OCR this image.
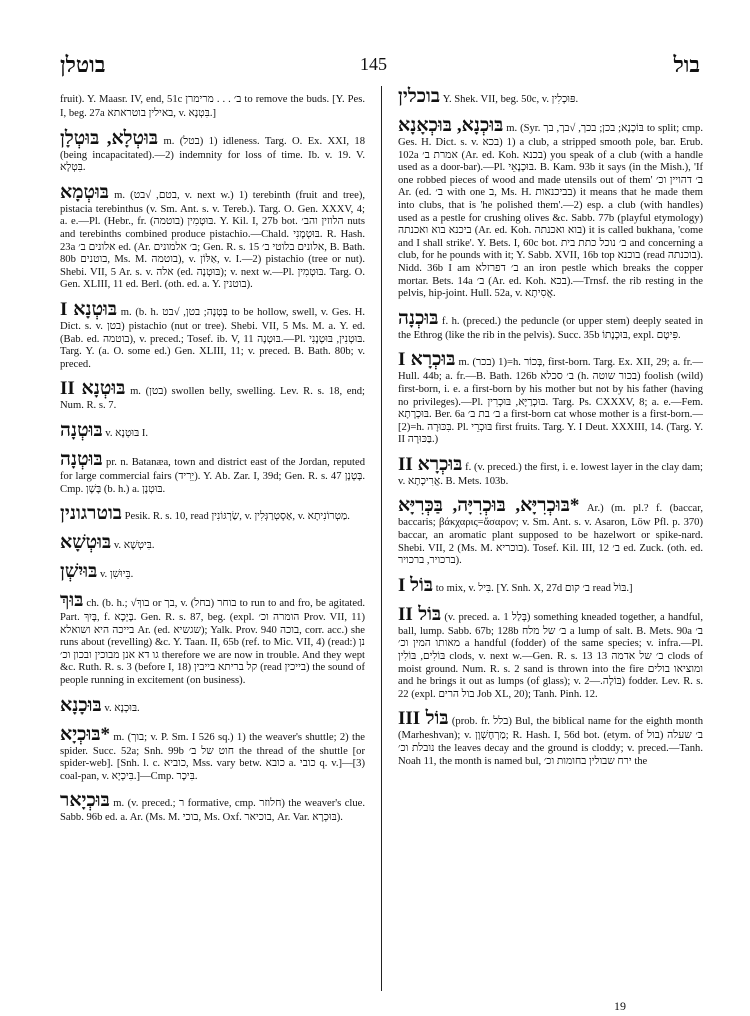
בוטלן	145	בול
fruit). Y. Maasr. IV, end, 51c ב׳ . . . מרימרן to remove the buds. [Y. Pes. I, beg. 27a באילין בוטראתא, v. בִּטְנָא.]
בּוּטְלָא, בּוּטְלָן m. (בטל) 1) idleness. Targ. O. Ex. XXI, 18 (being incapacitated).—2) indemnity for loss of time. Ib. v. 19. V. בִּטְלָא.
בּוּטְמָא m. (בטם, √בט, v. next w.) 1) terebinth (fruit and tree), pistacia terebinthus (v. Sm. Ant. s. v. Tereb.). Targ. O. Gen. XXXV, 4; a. e.—Pl. (Hebr., fr. בּוּטְמִין (בוטמה). Y. Kil. I, 27b bot. הלוזין והב׳ nuts and terebinths combined produce pistachio.—Chald. בּוּטְמָנִי. R. Hash. 23a אלונים ב׳ ed. (Ar. ב׳ אלמונים; Gen. R. s. 15 אלונים בלוטי ב׳, B. Bath. 80b בוטנים, Ms. M. בוטמה), v. אַלּוֹן, v. I.—2) pistachio (tree or nut). Shebi. VII, 5 Ar. s. v. אלה (ed. בּוּטְנָה); v. next w.—Pl. בּוּטְמִין. Targ. O. Gen. XLIII, 11 ed. Berl. (oth. ed. a. Y. בוטנין).
בּוּטְנָא I m. (b. h. בָּטְנָה; בטן, √בט to be hollow, swell, v. Ges. H. Dict. s. v. בטן) pistachio (nut or tree). Shebi. VII, 5 Ms. M. a. Y. ed. (Bab. ed. בוטמה), v. preced.; Tosef. ib. V, 11 בּוּטְנָה.—Pl. בּוּטְנִין, בּוּטְנָנִי. Targ. Y. (a. O. some ed.) Gen. XLIII, 11; v. preced. B. Bath. 80b; v. preced.
בּוּטְנָא II m. (בטן) swollen belly, swelling. Lev. R. s. 18, end; Num. R. s. 7.
בּוּטְנָה v. בּוּטְנָא I.
בּוּטְנָה pr. n. Batanæa, town and district east of the Jordan, reputed for large commercial fairs (יֵרִיד). Y. Ab. Zar. I, 39d; Gen. R. s. 47 בָּטְנָן. Cmp. בָּשָׁן (b. h.) a. בּוּטְנָן.
בוטרגונין Pesik. R. s. 10, read שַׂרְגּוֹנִין, v. אַסְטְרַגְּלִין, v. מַטְרוֹנִיתָא.
בּוּטְשָׁא v. בִּיטְשָׁא.
בּוּיִשְׁן v. בֵּיוּשִׁן.
בּוּךְ ch. (b. h.; √בוךְ or בך, v. בוחר (בחל) to run to and fro, be agitated. Part. בָּיִךְ, f. בָּיְכָא. Gen. R. s. 87, beg. (expl. הומרה וכ׳ Prov. VII, 11) בייכה היא ושואלא Ar. (ed. שגשיא); Yalk. Prov. 940 בוכה, corr. acc.) she runs about (revelling) &c. Y. Taan. II, 65b (ref. to Mic. VII, 4) (read:) נן גו דא אנן מבוכין ובכון וכ׳ therefore we are now in trouble. And they wept &c. Ruth. R. s. 3 (before I, 18) קל בריתא בייבין (read בייכין) the sound of people running in excitement (on business).
בּוּכָנָא v. בּוּכְנָא.
*בּוּכְיָא m. (בוך; v. P. Sm. I 526 sq.) 1) the weaver's shuttle; 2) the spider. Succ. 52a; Snh. 99b חוט של ב׳ the thread of the shuttle [or spider-web]. [Snh. l. c. כוביא, Mss. vary betw. כובא a. כובי q. v.]—[3) coal-pan, v. בִּיכְיָא.]—Cmp. בִּיכָר.
בּוּכְיָאר m. (v. preced.; ר formative, cmp. חלוזר) the weaver's clue. Sabb. 96b ed. a. Ar. (Ms. M. בוכי, Ms. Oxf. בוכיאר, Ar. Var. בּוּכְרָא).
בוכלין Y. Shek. VII, beg. 50c, v. פּוּכְלִין.
בּוּכְנָא, בּוּכְאָנָא m. (Syr. בּוֹכְנָא; בכן; בכך, √בך, בך to split; cmp. Ges. H. Dict. s. v. בכא) 1) a club, a stripped smooth pole, bar. Erub. 102a אמרת ב׳ (Ar. ed. Koh. בכנא) you speak of a club (with a handle used as a door-bar).—Pl. בּוּכְנָאֵי. B. Kam. 93b it says (in the Mish.), 'If one robbed pieces of wood and made utensils out of them' ב׳ דהויין וכ׳ Ar. (ed. ב׳ with one ב, Ms. H. בביכנאות) it means that he made them into clubs, that is 'he polished them'.—2) esp. a club (with handles) used as a pestle for crushing olives &c. Sabb. 77b (playful etymology) ביכנא בוא ואכנתה (Ar. ed. Koh. בוא ואכנתה) it is called bukhana, 'come and I shall strike'. Y. Bets. I, 60c bot. ב׳ נוכל כתת בית and concerning a club, for he pounds with it; Y. Sabb. XVII, 16b top בוכנא (read בוכנתה). Nidd. 36b I am ב׳ דפרזלא an iron pestle which breaks the copper mortar. Bets. 14a ב׳ (Ar. ed. Koh. בכא).—Trnsf. the rib resting in the pelvis, hip-joint. Hull. 52a, v. אֲסִיתָא.
בּוּכְנָה f. h. (preced.) the peduncle (or upper stem) deeply seated in the Ethrog (like the rib in the pelvis). Succ. 35b בּוּכְנָתוֹ, expl. פִּיטָם.
בּוּכְרָא I m. (בכר) 1)=h. בְּכוֹר, first-born. Targ. Ex. XII, 29; a. fr.—Hull. 44b; a. fr.—B. Bath. 126b ב׳ סכלא (h. בכור שוטה) foolish (wild) first-born, i. e. a first-born by his mother but not by his father (having no privileges).—Pl. בּוּכְרַיָּא, בּוּכְרִין. Targ. Ps. CXXXV, 8; a. e.—Fem. בּוּכְרָתָא. Ber. 6a ב׳ בת ב׳ a first-born cat whose mother is a first-born.—[2)=h. בִּכּוּרָה. Pl. בּוּכְרֵי first fruits. Targ. Y. I Deut. XXXIII, 14. (Targ. Y. II בַּכּוּרָה.)
בּוּכְרָא II f. (v. preced.) the first, i. e. lowest layer in the clay dam; v. אֲרִיכְתָא. B. Mets. 103b.
*בּוּכְרִיָּא, בּוּכְרִיָּה, בַּכְּרִיָּא Ar.) (m. pl.? f. (baccar, baccaris; βάκχαρις=ἄσαρον; v. Sm. Ant. s. v. Asaron, Löw Pfl. p. 370) baccar, an aromatic plant supposed to be hazelwort or spike-nard. Shebi. VII, 2 (Ms. M. בוכריא). Tosef. Kil. III, 12 ב׳ ed. Zuck. (oth. ed. ברכויר, ברכויר).
בּוֹל I to mix, v. בִּיל. [Y. Snh. X, 27d ב׳ קום read בּוֹל.]
בּוֹל II (v. preced. a. בְּלַל 1) something kneaded together, a handful, ball, lump. Sabb. 67b; 128b ב׳ של מלח a lump of salt. B. Mets. 90a ב׳ מאותו המין וכ׳ a handful (fodder) of the same species; v. infra.—Pl. בּוֹלִים, בּוֹלִין clods, v. next w.—Gen. R. s. 13 ב׳ של אדמה 13 clods of moist ground. Num. R. s. 2 sand is thrown into the fire ומוציאו בולים and he brings it out as lumps (of glass); v. בּוֹלָה.—2) fodder. Lev. R. s. 22 (expl. בול הרים Job XL, 20); Tanh. Pinh. 12.
בּוֹל III (prob. fr. בלל) Bul, the biblical name for the eighth month (Marheshvan); v. מַרְחֶשְׁוָן; R. Hash. I, 56d bot. (etym. of בול) ב׳ שעלה נובלת וכ׳ the leaves decay and the ground is cloddy; v. preced.—Tanh. Noah 11, the month is named bul, ירח שבולין בחומות וכ׳ the
19
